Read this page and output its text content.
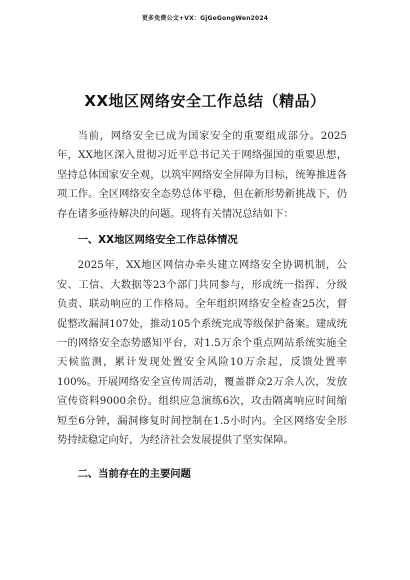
更多免费公文+VX：GjGeGongWen2024
XX地区网络安全工作总结（精品）

当前，网络安全已成为国家安全的重要组成部分。2025年，XX地区深入贯彻习近平总书记关于网络强国的重要思想，坚持总体国家安全观，以筑牢网络安全屏障为目标，统筹推进各项工作。全区网络安全态势总体平稳，但在新形势新挑战下，仍存在诸多亟待解决的问题。现将有关情况总结如下：

一、XX地区网络安全工作总体情况

2025年，XX地区网信办牵头建立网络安全协调机制，公安、工信、大数据等23个部门共同参与，形成统一指挥、分级负责、联动响应的工作格局。全年组织网络安全检查25次，督促整改漏洞107处，推动105个系统完成等级保护备案。建成统一的网络安全态势感知平台，对1.5万余个重点网站系统实施全天候监测，累计发现处置安全风险10万余起，反馈处置率100%。开展网络安全宣传周活动，覆盖群众2万余人次，发放宣传资料9000余份。组织应急演练6次，攻击隔离响应时间缩短至6分钟，漏洞修复时间控制在1.5小时内。全区网络安全形势持续稳定向好，为经济社会发展提供了坚实保障。

二、当前存在的主要问题
